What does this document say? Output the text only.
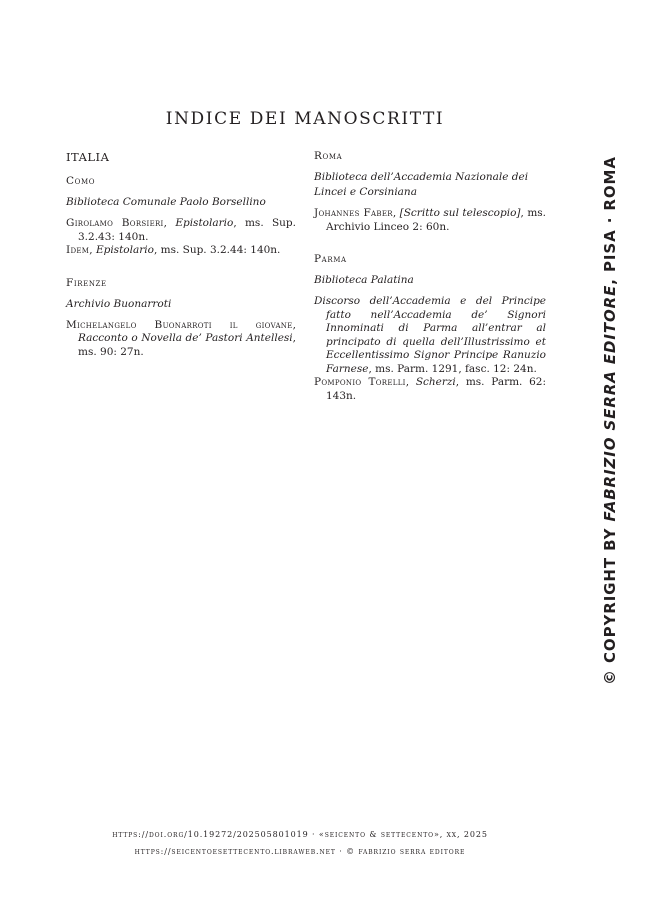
INDICE DEI MANOSCRITTI
ITALIA
Como
Biblioteca Comunale Paolo Borsellino
Girolamo Borsieri, Epistolario, ms. Sup. 3.2.43: 140n.
Idem, Epistolario, ms. Sup. 3.2.44: 140n.
Firenze
Archivio Buonarroti
Michelangelo Buonarroti il giovane, Racconto o Novella de’ Pastori Antellesi, ms. 90: 27n.
Roma
Biblioteca dell’Accademia Nazionale dei Lincei e Corsiniana
Johannes Faber, [Scritto sul telescopio], ms. Archivio Linceo 2: 60n.
Parma
Biblioteca Palatina
Discorso dell’Accademia e del Principe fatto nell’Accademia de’ Signori Innominati di Parma all’entrar al principato di quella dell’Illustrissimo et Eccellentissimo Signor Principe Ranuzio Farnese, ms. Parm. 1291, fasc. 12: 24n.
Pomponio Torelli, Scherzi, ms. Parm. 62: 143n.
© COPYRIGHT BY FABRIZIO SERRA EDITORE, PISA · ROMA
https://doi.org/10.19272/202505801019 · «seicento & settecento», xx, 2025
https://seicentoesettecento.libraweb.net · © fabrizio serra editore
